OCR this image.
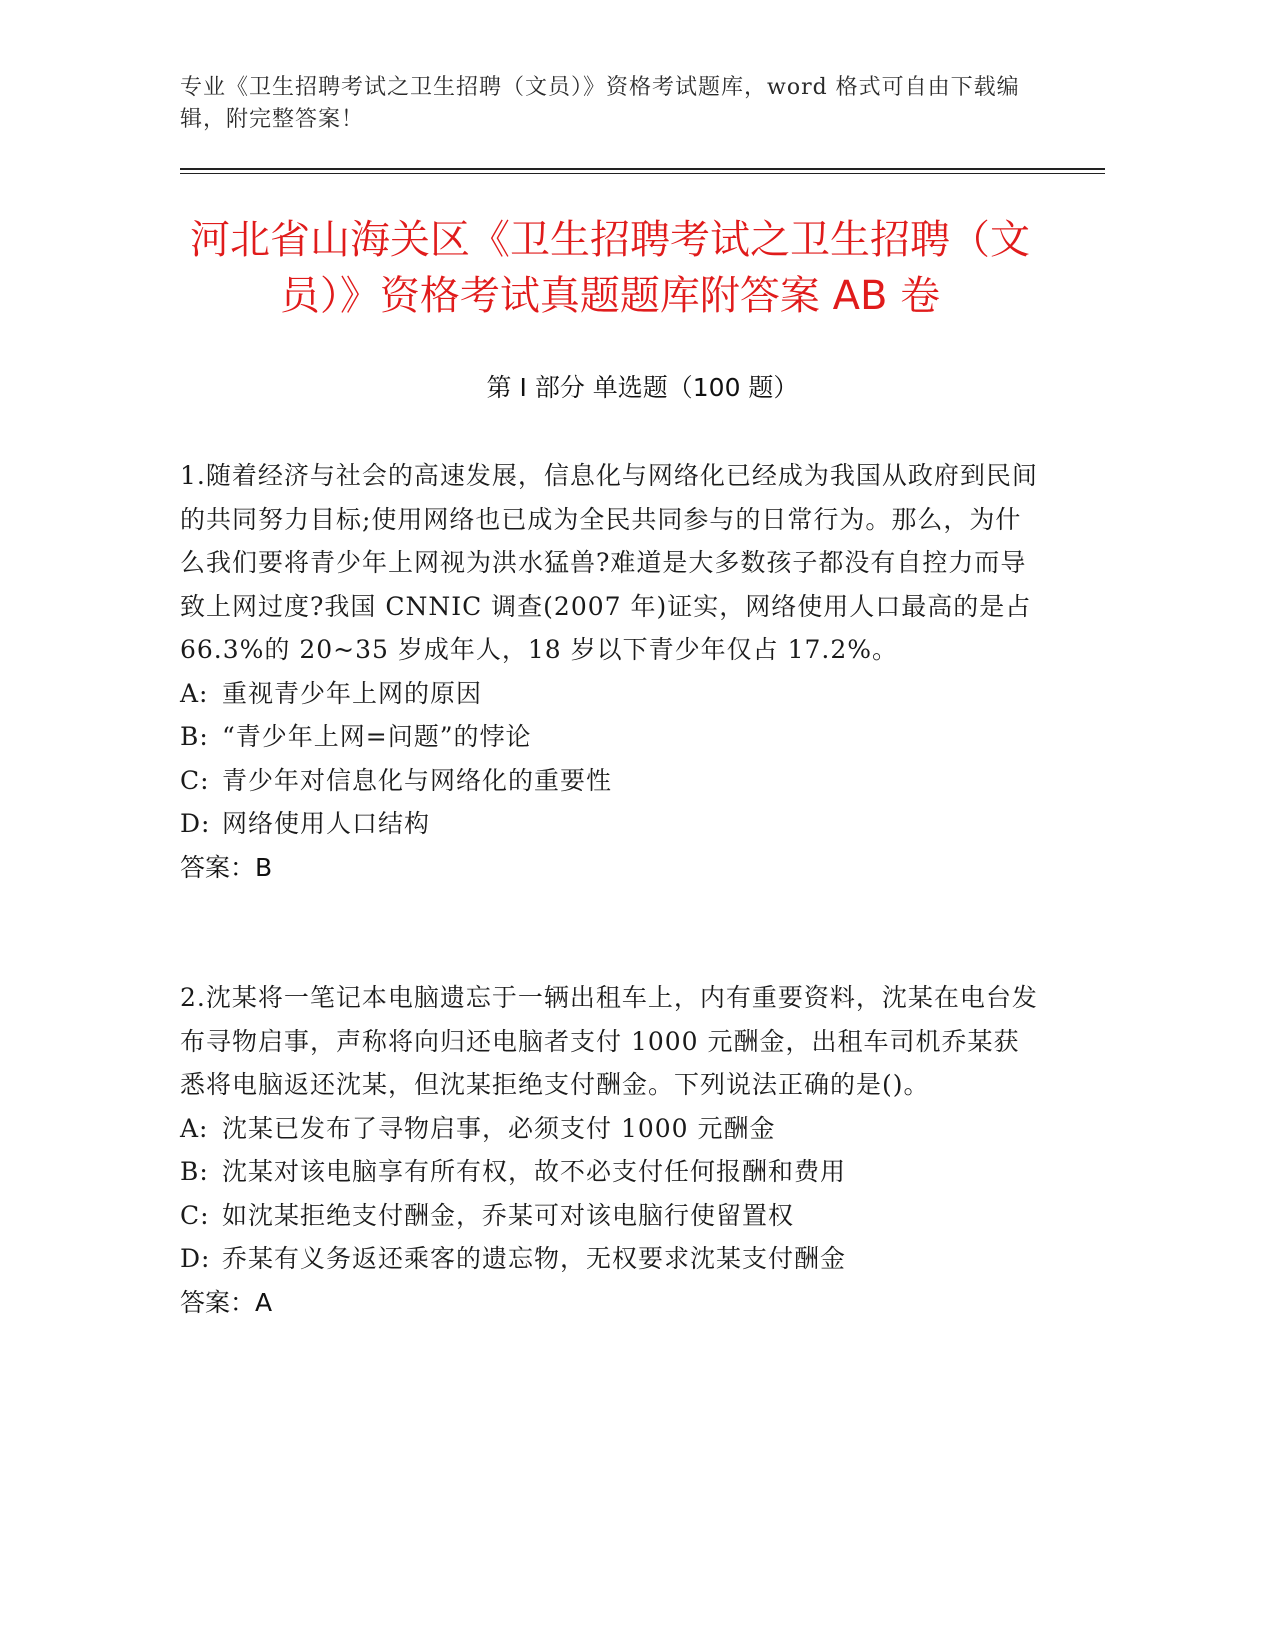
专业《卫生招聘考试之卫生招聘（文员）》资格考试题库，word 格式可自由下载编辑，附完整答案！
河北省山海关区《卫生招聘考试之卫生招聘（文员）》资格考试真题题库附答案 AB 卷
第 I 部分 单选题（100 题）

1.随着经济与社会的高速发展，信息化与网络化已经成为我国从政府到民间的共同努力目标;使用网络也已成为全民共同参与的日常行为。那么，为什么我们要将青少年上网视为洪水猛兽?难道是大多数孩子都没有自控力而导致上网过度?我国 CNNIC 调查(2007 年)证实，网络使用人口最高的是占 66.3%的 20~35 岁成年人，18 岁以下青少年仅占 17.2%。

A: 重视青少年上网的原因

B: “青少年上网=问题”的悖论

C: 青少年对信息化与网络化的重要性

D: 网络使用人口结构

答案：B

2.沈某将一笔记本电脑遗忘于一辆出租车上，内有重要资料，沈某在电台发布寻物启事，声称将向归还电脑者支付 1000 元酬金，出租车司机乔某获悉将电脑返还沈某，但沈某拒绝支付酬金。下列说法正确的是()。

A: 沈某已发布了寻物启事，必须支付 1000 元酬金

B: 沈某对该电脑享有所有权，故不必支付任何报酬和费用

C: 如沈某拒绝支付酬金，乔某可对该电脑行使留置权

D: 乔某有义务返还乘客的遗忘物，无权要求沈某支付酬金

答案：A
